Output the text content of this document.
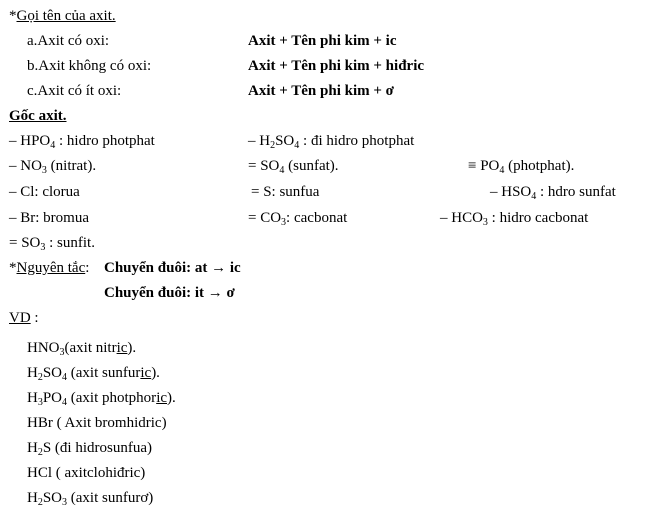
*Gọi tên của axit.
a.Axit có oxi:	Axit + Tên phi kim + ic
b.Axit không có oxi:	Axit + Tên phi kim + hiđric
c.Axit có ít oxi:	Axit + Tên phi kim + ơ
Gốc axit.
– $HPO_4$ : hidro photphat	– $H_2SO_4$ : đi hidro photphat
– $NO_3$ (nitrat).	= $SO_4$ (sunfat).	≡ $PO_4$ (photphat).
– Cl: clorua	= S: sunfua	– $HSO_4$ : hdro sunfat
– Br: bromua	= $CO_3$: cacbonat	– $HCO_3$ : hidro cacbonat
= $SO_3$ : sunfit.
*Nguyên tắc: Chuyển đuôi: at → ic
Chuyển đuôi: it → ơ
VD :
$HNO_3(axit$ nitric).
$H_2SO_4$ (axit sunfuric).
$H_3PO_4$ (axit photphoric).
HBr ( Axit bromhidric)
$H_2S$ (đi hidrosunfua)
HCl ( axitclohiđric)
$H_2SO_3$ (axit sunfurơ)
